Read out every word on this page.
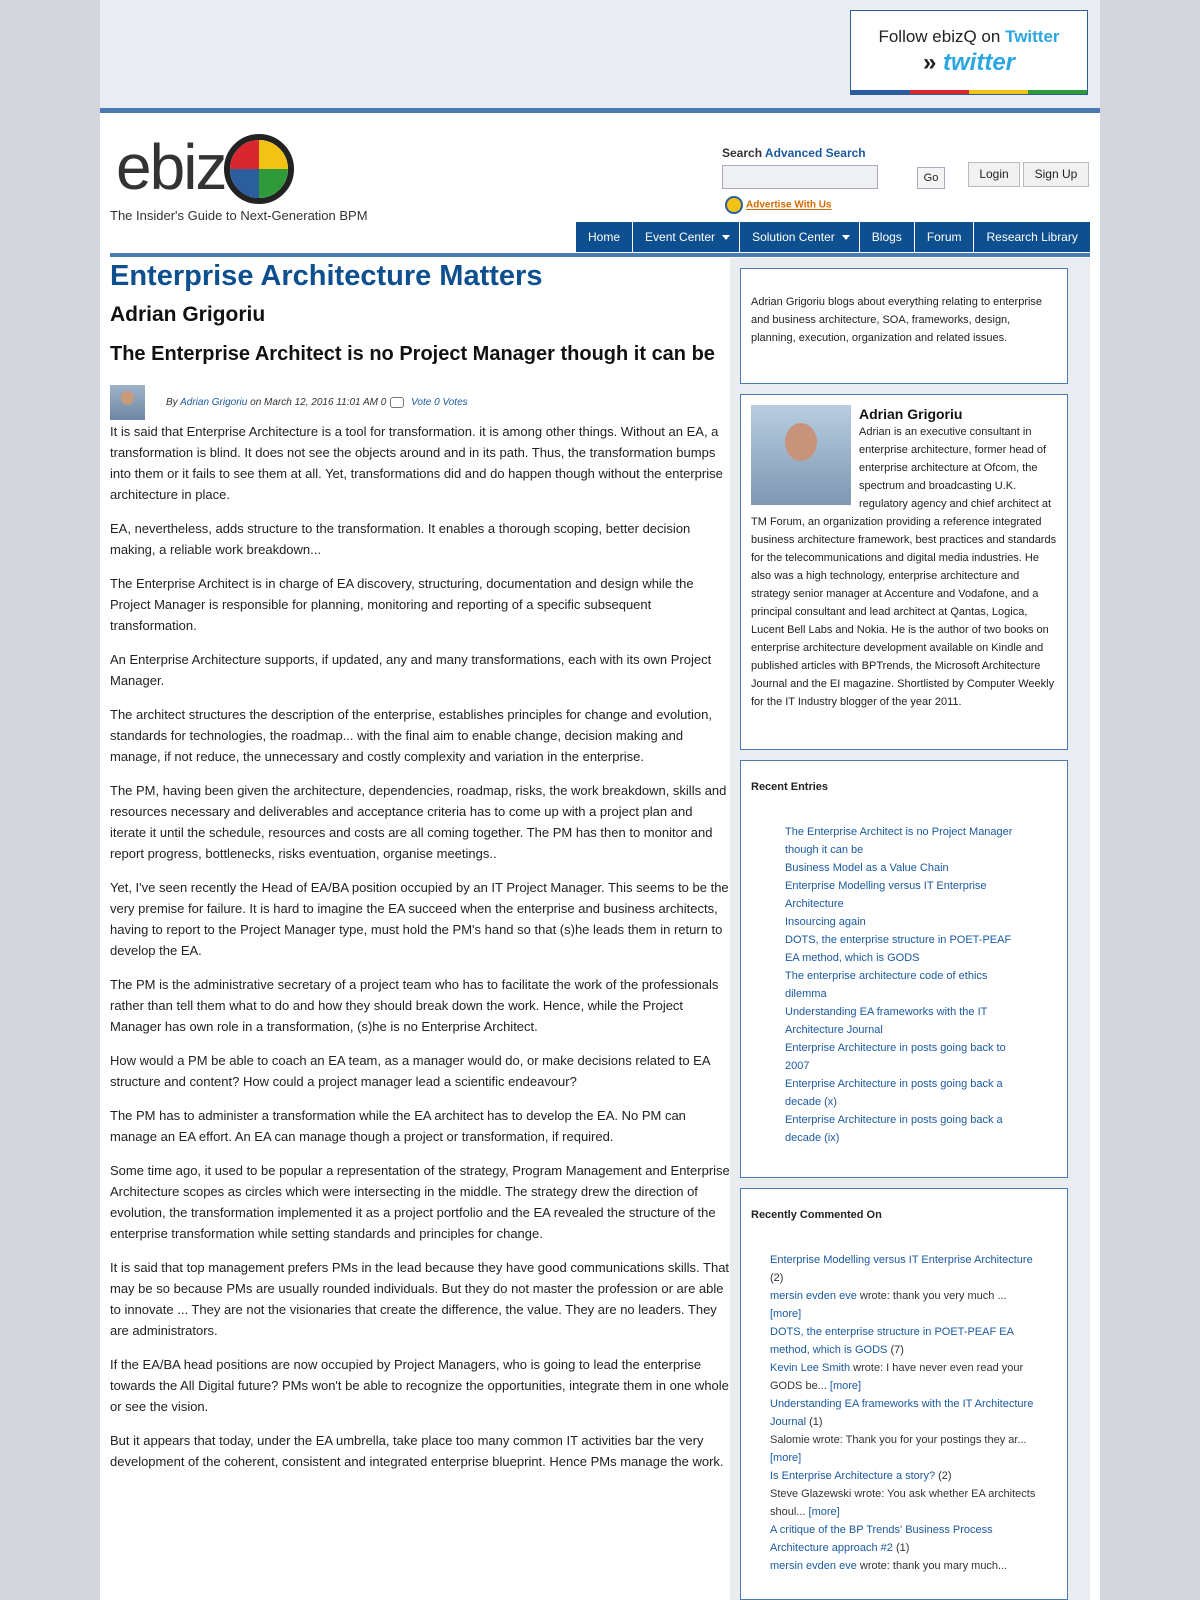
Follow ebizQ on Twitter
» twitter
ebiz
The Insider's Guide to Next-Generation BPM
Search Advanced Search
Go
Advertise With Us
Login	Sign Up
Home	Event Center	Solution Center	Blogs	Forum	Research Library
Enterprise Architecture Matters
Adrian Grigoriu
The Enterprise Architect is no Project Manager though it can be
By Adrian Grigoriu on March 12, 2016 11:01 AM 0 Vote 0 Votes

It is said that Enterprise Architecture is a tool for transformation. it is among other things. Without an EA, a transformation is blind. It does not see the objects around and in its path. Thus, the transformation bumps into them or it fails to see them at all. Yet, transformations did and do happen though without the enterprise architecture in place.

EA, nevertheless, adds structure to the transformation. It enables a thorough scoping, better decision making, a reliable work breakdown...

The Enterprise Architect is in charge of EA discovery, structuring, documentation and design while the Project Manager is responsible for planning, monitoring and reporting of a specific subsequent transformation.

An Enterprise Architecture supports, if updated, any and many transformations, each with its own Project Manager.

The architect structures the description of the enterprise, establishes principles for change and evolution, standards for technologies, the roadmap... with the final aim to enable change, decision making and manage, if not reduce, the unnecessary and costly complexity and variation in the enterprise.

The PM, having been given the architecture, dependencies, roadmap, risks, the work breakdown, skills and resources necessary and deliverables and acceptance criteria has to come up with a project plan and iterate it until the schedule, resources and costs are all coming together. The PM has then to monitor and report progress, bottlenecks, risks eventuation, organise meetings..

Yet, I've seen recently the Head of EA/BA position occupied by an IT Project Manager. This seems to be the very premise for failure. It is hard to imagine the EA succeed when the enterprise and business architects, having to report to the Project Manager type, must hold the PM's hand so that (s)he leads them in return to develop the EA.

The PM is the administrative secretary of a project team who has to facilitate the work of the professionals rather than tell them what to do and how they should break down the work. Hence, while the Project Manager has own role in a transformation, (s)he is no Enterprise Architect.

How would a PM be able to coach an EA team, as a manager would do, or make decisions related to EA structure and content? How could a project manager lead a scientific endeavour?

The PM has to administer a transformation while the EA architect has to develop the EA. No PM can manage an EA effort. An EA can manage though a project or transformation, if required.

Some time ago, it used to be popular a representation of the strategy, Program Management and Enterprise Architecture scopes as circles which were intersecting in the middle. The strategy drew the direction of evolution, the transformation implemented it as a project portfolio and the EA revealed the structure of the enterprise transformation while setting standards and principles for change.

It is said that top management prefers PMs in the lead because they have good communications skills. That may be so because PMs are usually rounded individuals. But they do not master the profession or are able to innovate ... They are not the visionaries that create the difference, the value. They are no leaders. They are administrators.

If the EA/BA head positions are now occupied by Project Managers, who is going to lead the enterprise towards the All Digital future? PMs won't be able to recognize the opportunities, integrate them in one whole or see the vision.

But it appears that today, under the EA umbrella, take place too many common IT activities bar the very development of the coherent, consistent and integrated enterprise blueprint. Hence PMs manage the work.

Adrian Grigoriu blogs about everything relating to enterprise and business architecture, SOA, frameworks, design, planning, execution, organization and related issues.
Adrian Grigoriu
Adrian is an executive consultant in enterprise architecture, former head of enterprise architecture at Ofcom, the spectrum and broadcasting U.K. regulatory agency and chief architect at TM Forum, an organization providing a reference integrated business architecture framework, best practices and standards for the telecommunications and digital media industries. He also was a high technology, enterprise architecture and strategy senior manager at Accenture and Vodafone, and a principal consultant and lead architect at Qantas, Logica, Lucent Bell Labs and Nokia. He is the author of two books on enterprise architecture development available on Kindle and published articles with BPTrends, the Microsoft Architecture Journal and the EI magazine. Shortlisted by Computer Weekly for the IT Industry blogger of the year 2011.
Recent Entries
The Enterprise Architect is no Project Manager though it can be
Business Model as a Value Chain
Enterprise Modelling versus IT Enterprise Architecture
Insourcing again
DOTS, the enterprise structure in POET-PEAF EA method, which is GODS
The enterprise architecture code of ethics dilemma
Understanding EA frameworks with the IT Architecture Journal
Enterprise Architecture in posts going back to 2007
Enterprise Architecture in posts going back a decade (x)
Enterprise Architecture in posts going back a decade (ix)
Recently Commented On
Enterprise Modelling versus IT Enterprise Architecture (2)
mersin evden eve wrote: thank you very much ... [more]
DOTS, the enterprise structure in POET-PEAF EA method, which is GODS (7)
Kevin Lee Smith wrote: I have never even read your GODS be... [more]
Understanding EA frameworks with the IT Architecture Journal (1)
Salomie wrote: Thank you for your postings they ar... [more]
Is Enterprise Architecture a story? (2)
Steve Glazewski wrote: You ask whether EA architects shoul... [more]
A critique of the BP Trends' Business Process Architecture approach #2 (1)
mersin evden eve wrote: thank you mary much...
